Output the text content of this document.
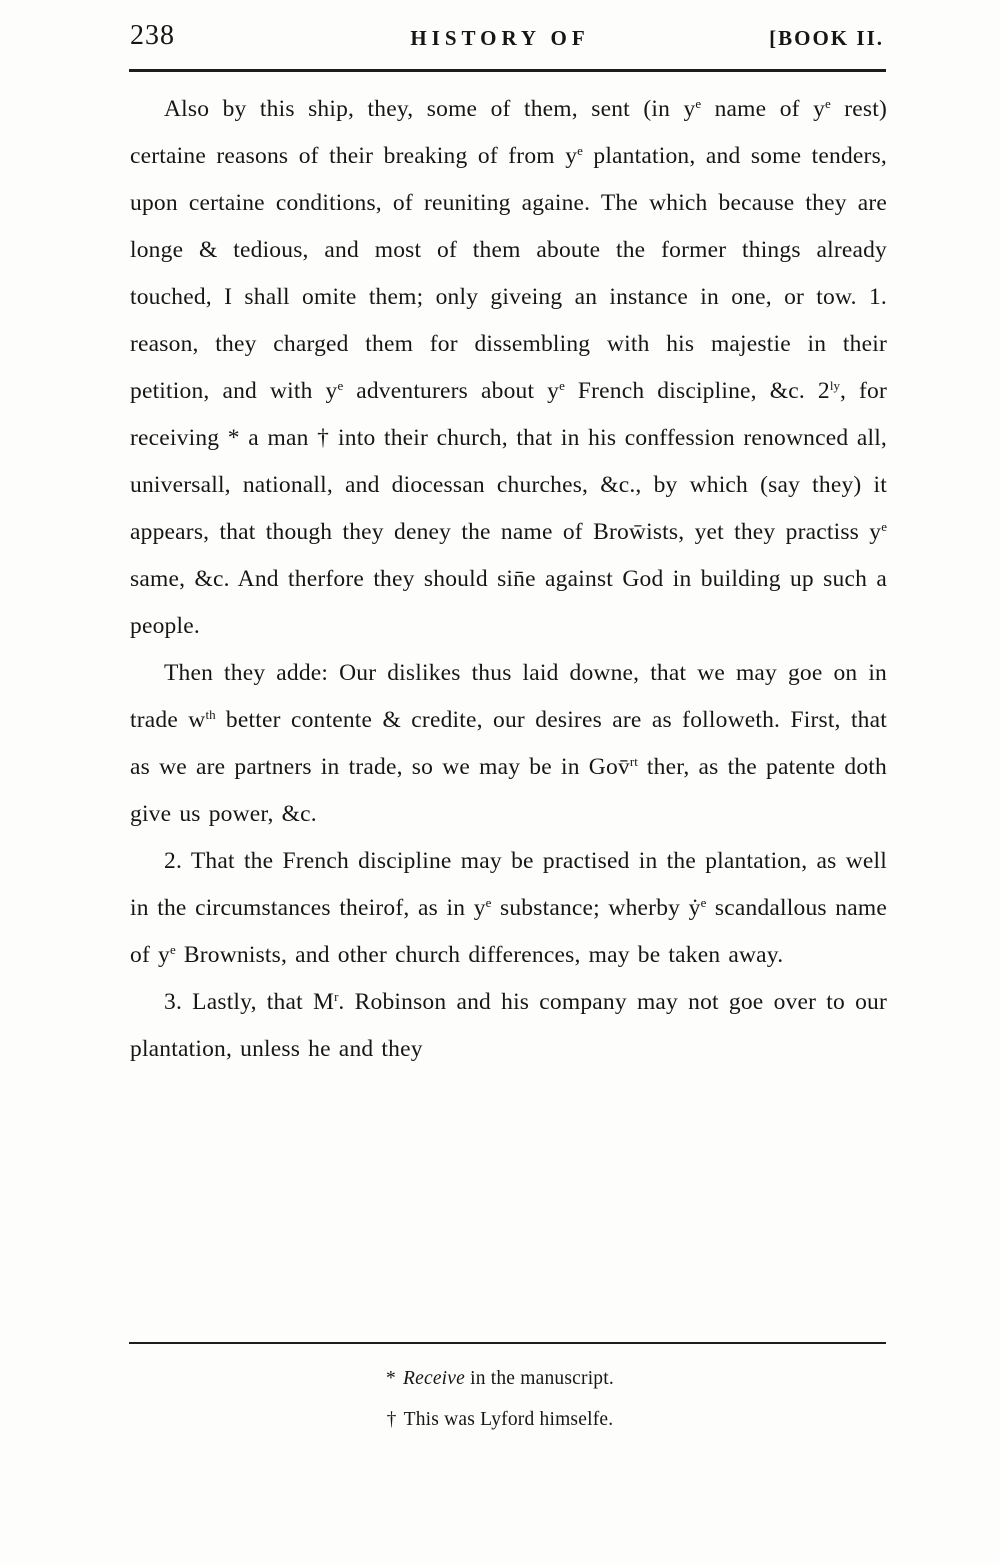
238	HISTORY OF	[BOOK II.

Also by this ship, they, some of them, sent (in $y^e$ name of $y^e$ rest) certaine reasons of their breaking of from $y^e$ plantation, and some tenders, upon certaine conditions, of reuniting againe. The which because they are longe & tedious, and most of them aboute the former things already touched, I shall omite them; only giveing an instance in one, or tow. 1. reason, they charged them for dissembling with his majestie in their petition, and with $y^e$ adventurers about $y^e$ French discipline, &c. $2^{ly}$, for receiving * a man † into their church, that in his conffession renownced all, universall, nationall, and diocessan churches, &c., by which (say they) it appears, that though they deney the name of Brow̄ists, yet they practiss $y^e$ same, &c. And therfore they should sin̄e against God in building up such a people.

Then they adde: Our dislikes thus laid downe, that we may goe on in trade $w^{th}$ better contente & credite, our desires are as followeth. First, that as we are partners in trade, so we may be in Gov̄$^{rt}$ ther, as the patente doth give us power, &c.

2. That the French discipline may be practised in the plantation, as well in the circumstances theirof, as in $y^e$ substance; wherby ẏ$^e$ scandallous name of $y^e$ Brownists, and other church differences, may be taken away.

3. Lastly, that $M^r$. Robinson and his company may not goe over to our plantation, unless he and they

* Receive in the manuscript.
† This was Lyford himselfe.
